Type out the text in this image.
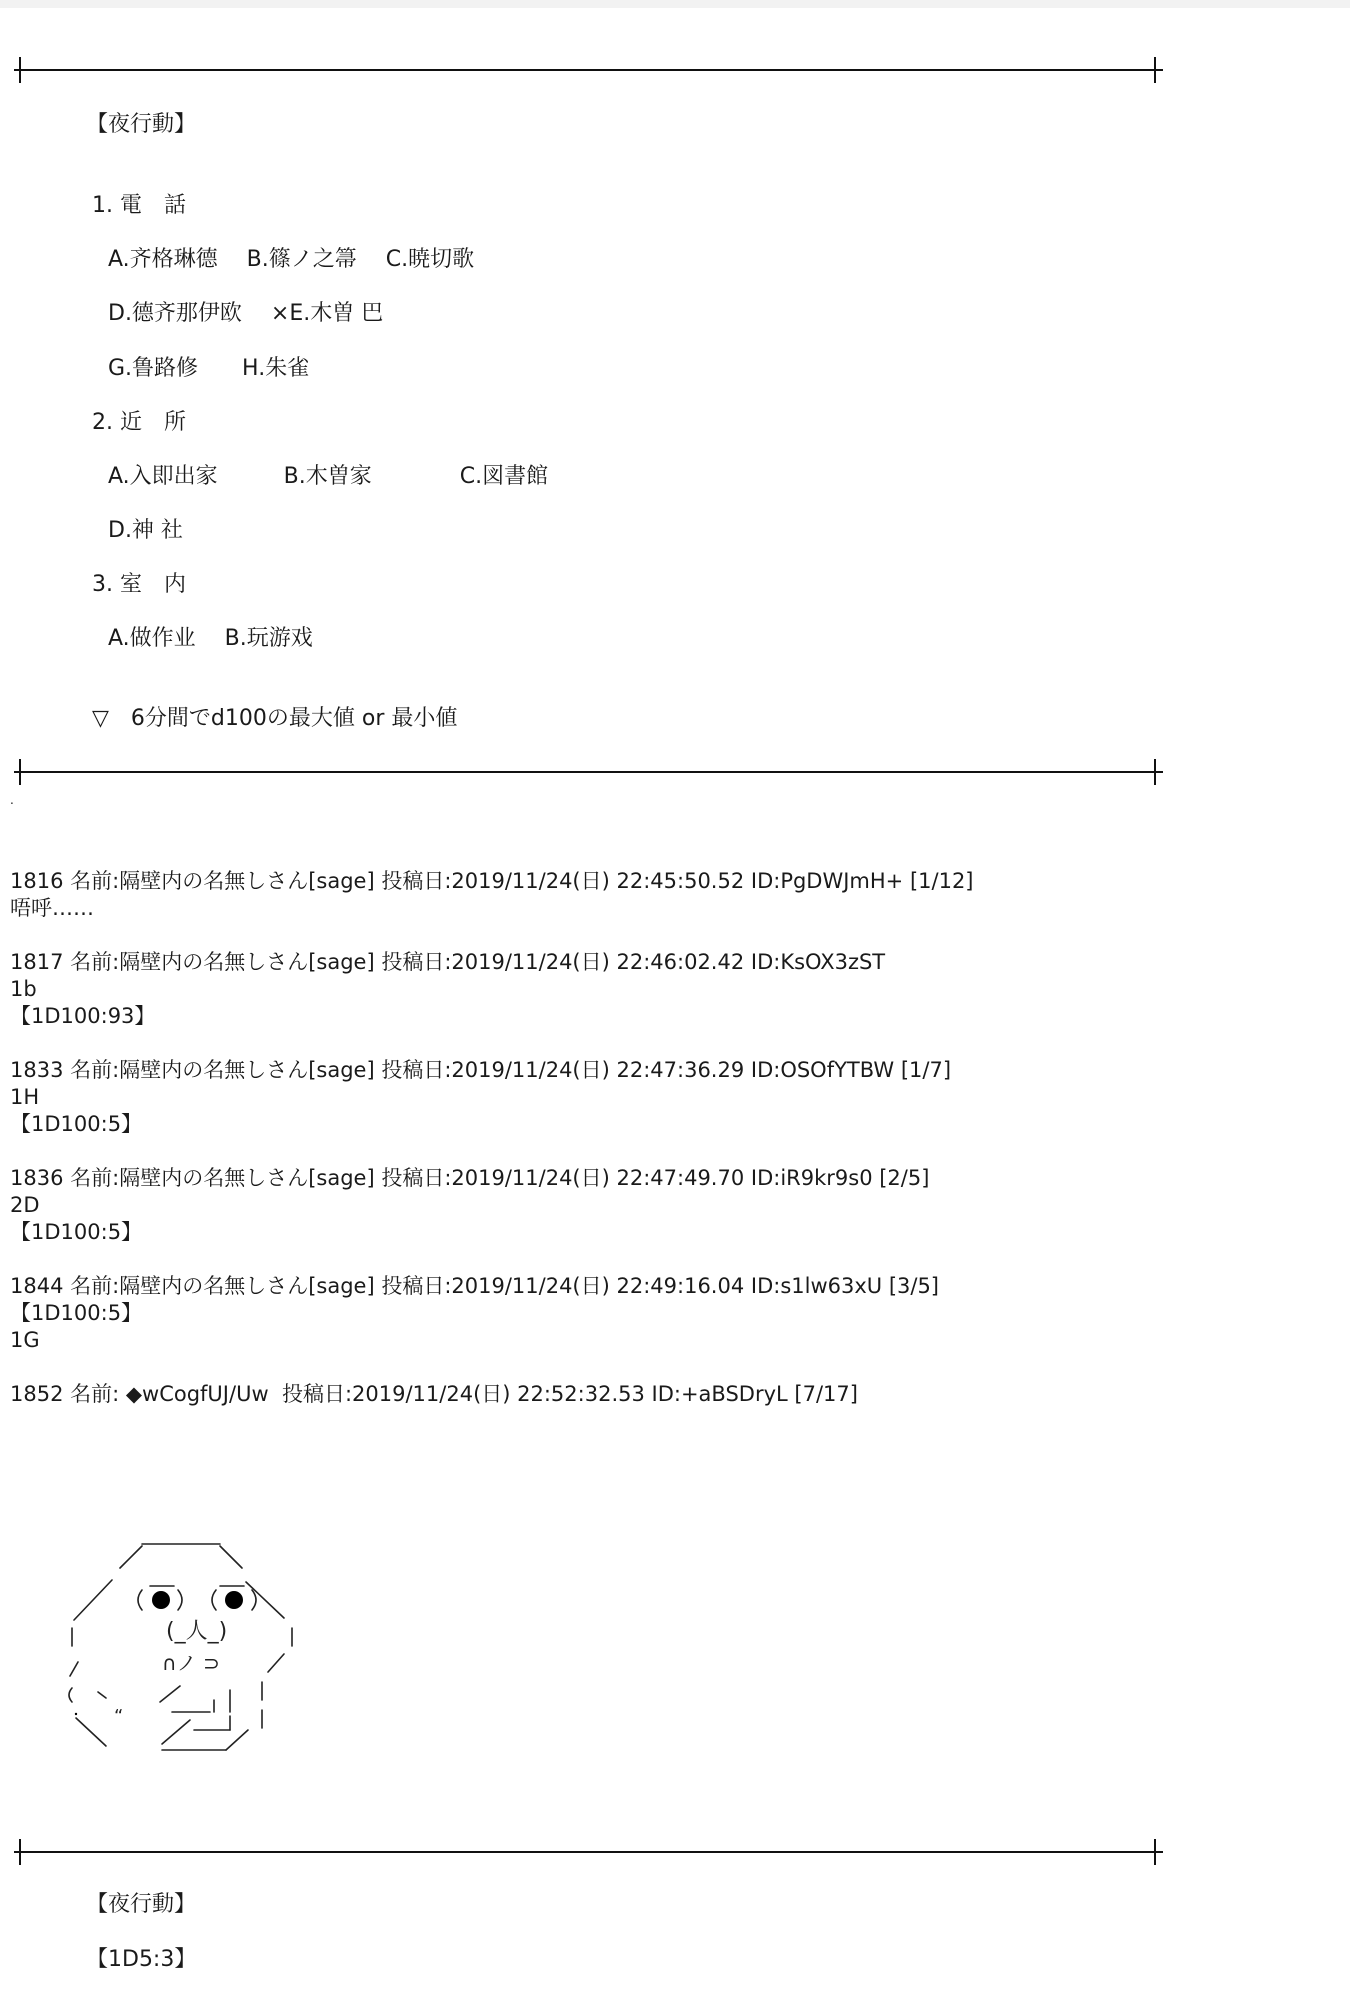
【夜行動】
1. 電　話
A.齐格琳德　 B.篠ノ之箒　 C.暁切歌
D.德齐那伊欧　 ×E.木曽 巴
G.鲁路修　　H.朱雀
2. 近　所
A.入即出家　　　B.木曽家　　　　C.図書館
D.神 社
3. 室　内
A.做作业　 B.玩游戏
▽　6分間でd100の最大値 or 最小値
.
1816 名前:隔壁内の名無しさん[sage] 投稿日:2019/11/24(日) 22:45:50.52 ID:PgDWJmH+ [1/12]
唔呼……
1817 名前:隔壁内の名無しさん[sage] 投稿日:2019/11/24(日) 22:46:02.42 ID:KsOX3zST
1b
【1D100:93】
1833 名前:隔壁内の名無しさん[sage] 投稿日:2019/11/24(日) 22:47:36.29 ID:OSOfYTBW [1/7]
1H
【1D100:5】
1836 名前:隔壁内の名無しさん[sage] 投稿日:2019/11/24(日) 22:47:49.70 ID:iR9kr9s0 [2/5]
2D
【1D100:5】
1844 名前:隔壁内の名無しさん[sage] 投稿日:2019/11/24(日) 22:49:16.04 ID:s1lw63xU [3/5]
【1D100:5】
1G
1852 名前: ◆wCogfUJ/Uw  投稿日:2019/11/24(日) 22:52:32.53 ID:+aBSDryL [7/17]
(_人_)
∩ノ ⊃
“
【夜行動】
【1D5:3】
